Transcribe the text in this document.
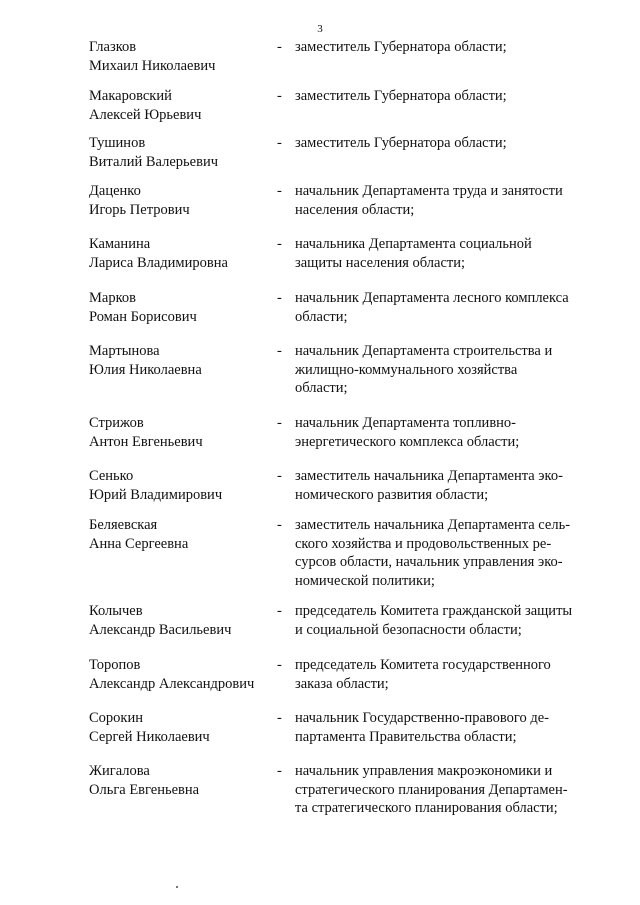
3
Глазков
Михаил Николаевич
- заместитель Губернатора области;
Макаровский
Алексей Юрьевич
- заместитель Губернатора области;
Тушинов
Виталий Валерьевич
- заместитель Губернатора области;
Даценко
Игорь Петрович
- начальник Департамента труда и занятости
населения области;
Каманина
Лариса Владимировна
- начальника Департамента социальной
защиты населения области;
Марков
Роман Борисович
- начальник Департамента лесного комплекса
области;
Мартынова
Юлия Николаевна
- начальник Департамента строительства и
жилищно-коммунального хозяйства
области;
Стрижов
Антон Евгеньевич
- начальник Департамента топливно-
энергетического комплекса области;
Сенько
Юрий Владимирович
- заместитель начальника Департамента эко-
номического развития области;
Беляевская
Анна Сергеевна
- заместитель начальника Департамента сель-
ского хозяйства и продовольственных ре-
сурсов области, начальник управления эко-
номической политики;
Колычев
Александр Васильевич
- председатель Комитета гражданской защиты
и социальной безопасности области;
Торопов
Александр Александрович
- председатель Комитета государственного
заказа области;
Сорокин
Сергей Николаевич
- начальник Государственно-правового де-
партамента Правительства области;
Жигалова
Ольга Евгеньевна
- начальник управления макроэкономики и
стратегического планирования Департамен-
та стратегического планирования области;
